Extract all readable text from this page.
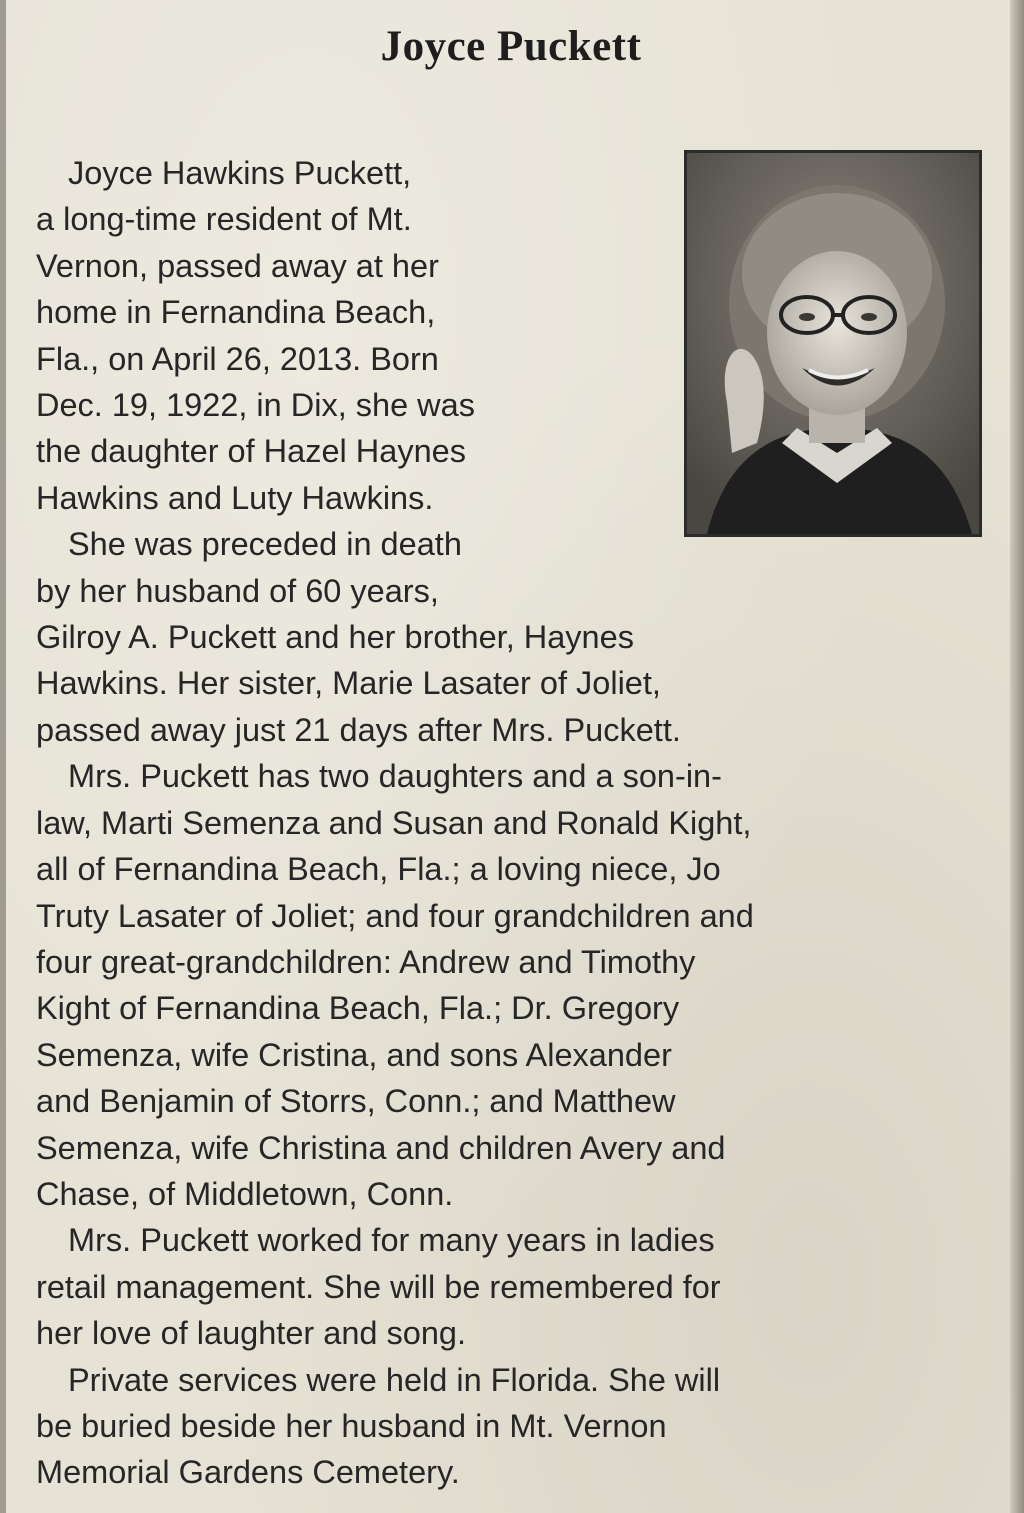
Joyce Puckett
Joyce Hawkins Puckett,
a long-time resident of Mt.
Vernon, passed away at her
home in Fernandina Beach,
Fla., on April 26, 2013. Born
Dec. 19, 1922, in Dix, she was
the daughter of Hazel Haynes
Hawkins and Luty Hawkins.
She was preceded in death
by her husband of 60 years,
Gilroy A. Puckett and her brother, Haynes
Hawkins. Her sister, Marie Lasater of Joliet,
passed away just 21 days after Mrs. Puckett.
Mrs. Puckett has two daughters and a son-in-
law, Marti Semenza and Susan and Ronald Kight,
all of Fernandina Beach, Fla.; a loving niece, Jo
Truty Lasater of Joliet; and four grandchildren and
four great-grandchildren: Andrew and Timothy
Kight of Fernandina Beach, Fla.; Dr. Gregory
Semenza, wife Cristina, and sons Alexander
and Benjamin of Storrs, Conn.; and Matthew
Semenza, wife Christina and children Avery and
Chase, of Middletown, Conn.
Mrs. Puckett worked for many years in ladies
retail management. She will be remembered for
her love of laughter and song.
Private services were held in Florida. She will
be buried beside her husband in Mt. Vernon
Memorial Gardens Cemetery.
